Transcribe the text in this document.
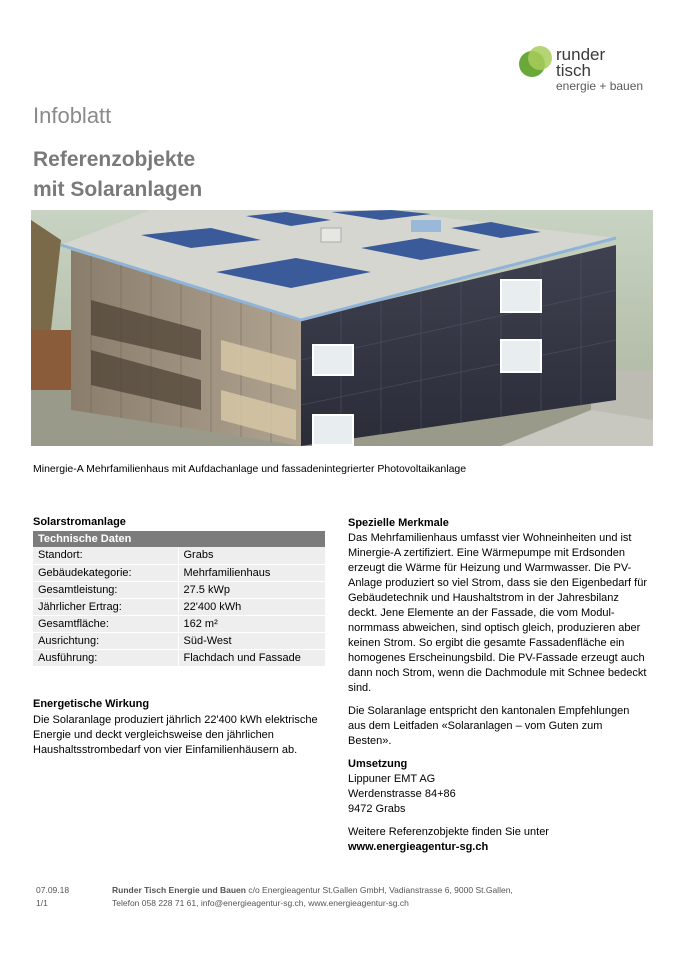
runder
tisch
energie + bauen
Infoblatt
Referenzobjekte
mit Solaranlagen
Minergie-A Mehrfamilienhaus mit Aufdachanlage und fassadenintegrierter Photovoltaikanlage
Solarstromanlage
Technische Daten
Standort:	Grabs
Gebäudekategorie:	Mehrfamilienhaus
Gesamtleistung:	27.5 kWp
Jährlicher Ertrag:	22'400 kWh
Gesamtfläche:	162 m²
Ausrichtung:	Süd-West
Ausführung:	Flachdach und Fassade
Energetische Wirkung
Die Solaranlage produziert jährlich 22'400 kWh elektrische Energie und deckt vergleichsweise den jährlichen Haushaltsstrombedarf von vier Einfamilienhäusern ab.
Spezielle Merkmale

Das Mehrfamilienhaus umfasst vier Wohneinheiten und ist Minergie-A zertifiziert. Eine Wärmepumpe mit Erdsonden erzeugt die Wärme für Heizung und Warmwasser. Die PV-Anlage produziert so viel Strom, dass sie den Eigenbedarf für Gebäudetechnik und Haushaltstrom in der Jahresbilanz deckt. Jene Elemente an der Fassade, die vom Modul-normmass abweichen, sind optisch gleich, produzieren aber keinen Strom. So ergibt die gesamte Fassadenfläche ein homogenes Erscheinungsbild. Die PV-Fassade erzeugt auch dann noch Strom, wenn die Dachmodule mit Schnee bedeckt sind.

Die Solaranlage entspricht den kantonalen Empfehlungen aus dem Leitfaden «Solaranlagen – vom Guten zum Besten».

Umsetzung
Lippuner EMT AG
Werdenstrasse 84+86

9472 Grabs

Weitere Referenzobjekte finden Sie unter
www.energieagentur-sg.ch
07.09.18
1/1
Runder Tisch Energie und Bauen c/o Energieagentur St.Gallen GmbH, Vadianstrasse 6, 9000 St.Gallen,
Telefon 058 228 71 61, info@energieagentur-sg.ch, www.energieagentur-sg.ch
